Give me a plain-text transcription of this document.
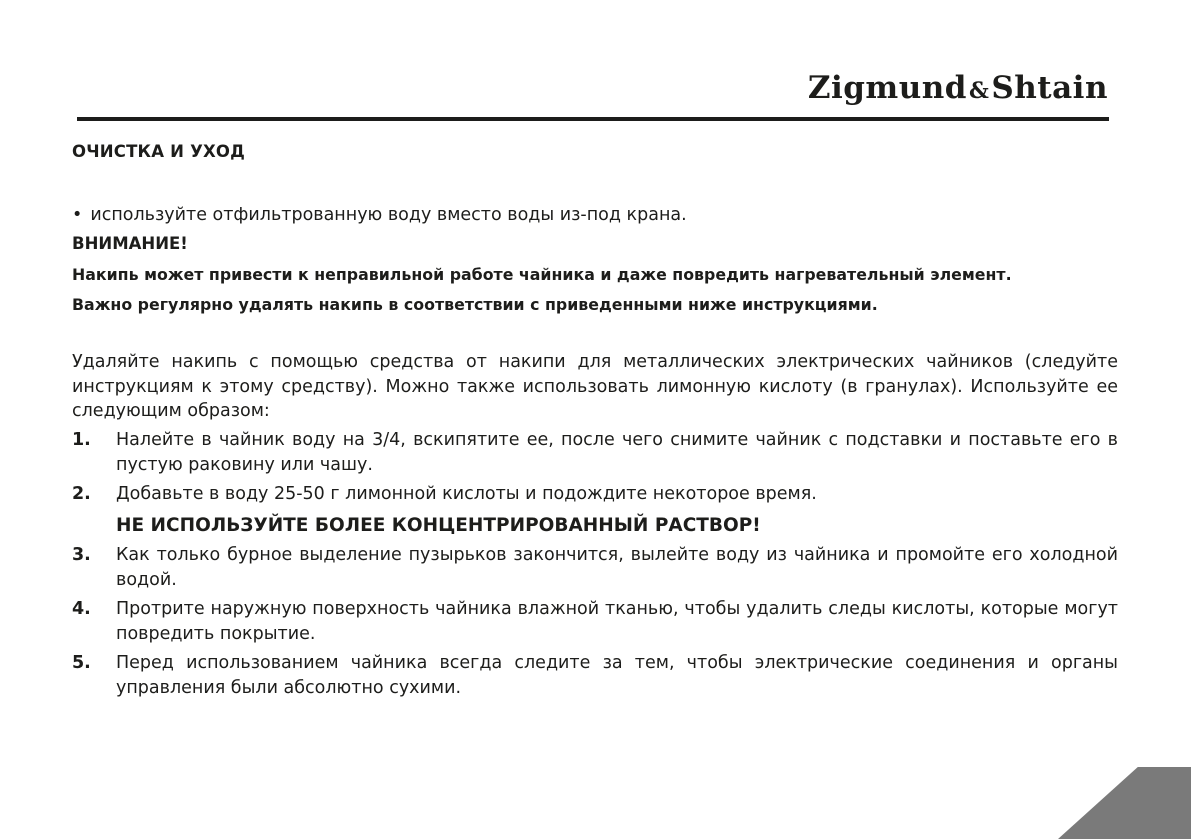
Zigmund&Shtain
ОЧИСТКА И УХОД
• используйте отфильтрованную воду вместо воды из-под крана.
ВНИМАНИЕ!
Накипь может привести к неправильной работе чайника и даже повредить нагревательный элемент.
Важно регулярно удалять накипь в соответствии с приведенными ниже инструкциями.
Удаляйте накипь с помощью средства от накипи для металлических электрических чайников (следуйте инструкциям к этому средству). Можно также использовать лимонную кислоту (в гранулах). Используйте ее следующим образом:
1.	Налейте в чайник воду на 3/4, вскипятите ее, после чего снимите чайник с подставки и поставьте его в пустую раковину или чашу.
2.	Добавьте в воду 25-50 г лимонной кислоты и подождите некоторое время.
НЕ ИСПОЛЬЗУЙТЕ БОЛЕЕ КОНЦЕНТРИРОВАННЫЙ РАСТВОР!
3.	Как только бурное выделение пузырьков закончится, вылейте воду из чайника и промойте его холодной водой.
4.	Протрите наружную поверхность чайника влажной тканью, чтобы удалить следы кислоты, которые могут повредить покрытие.
5.	Перед использованием чайника всегда следите за тем, чтобы электрические соединения и органы управления были абсолютно сухими.
